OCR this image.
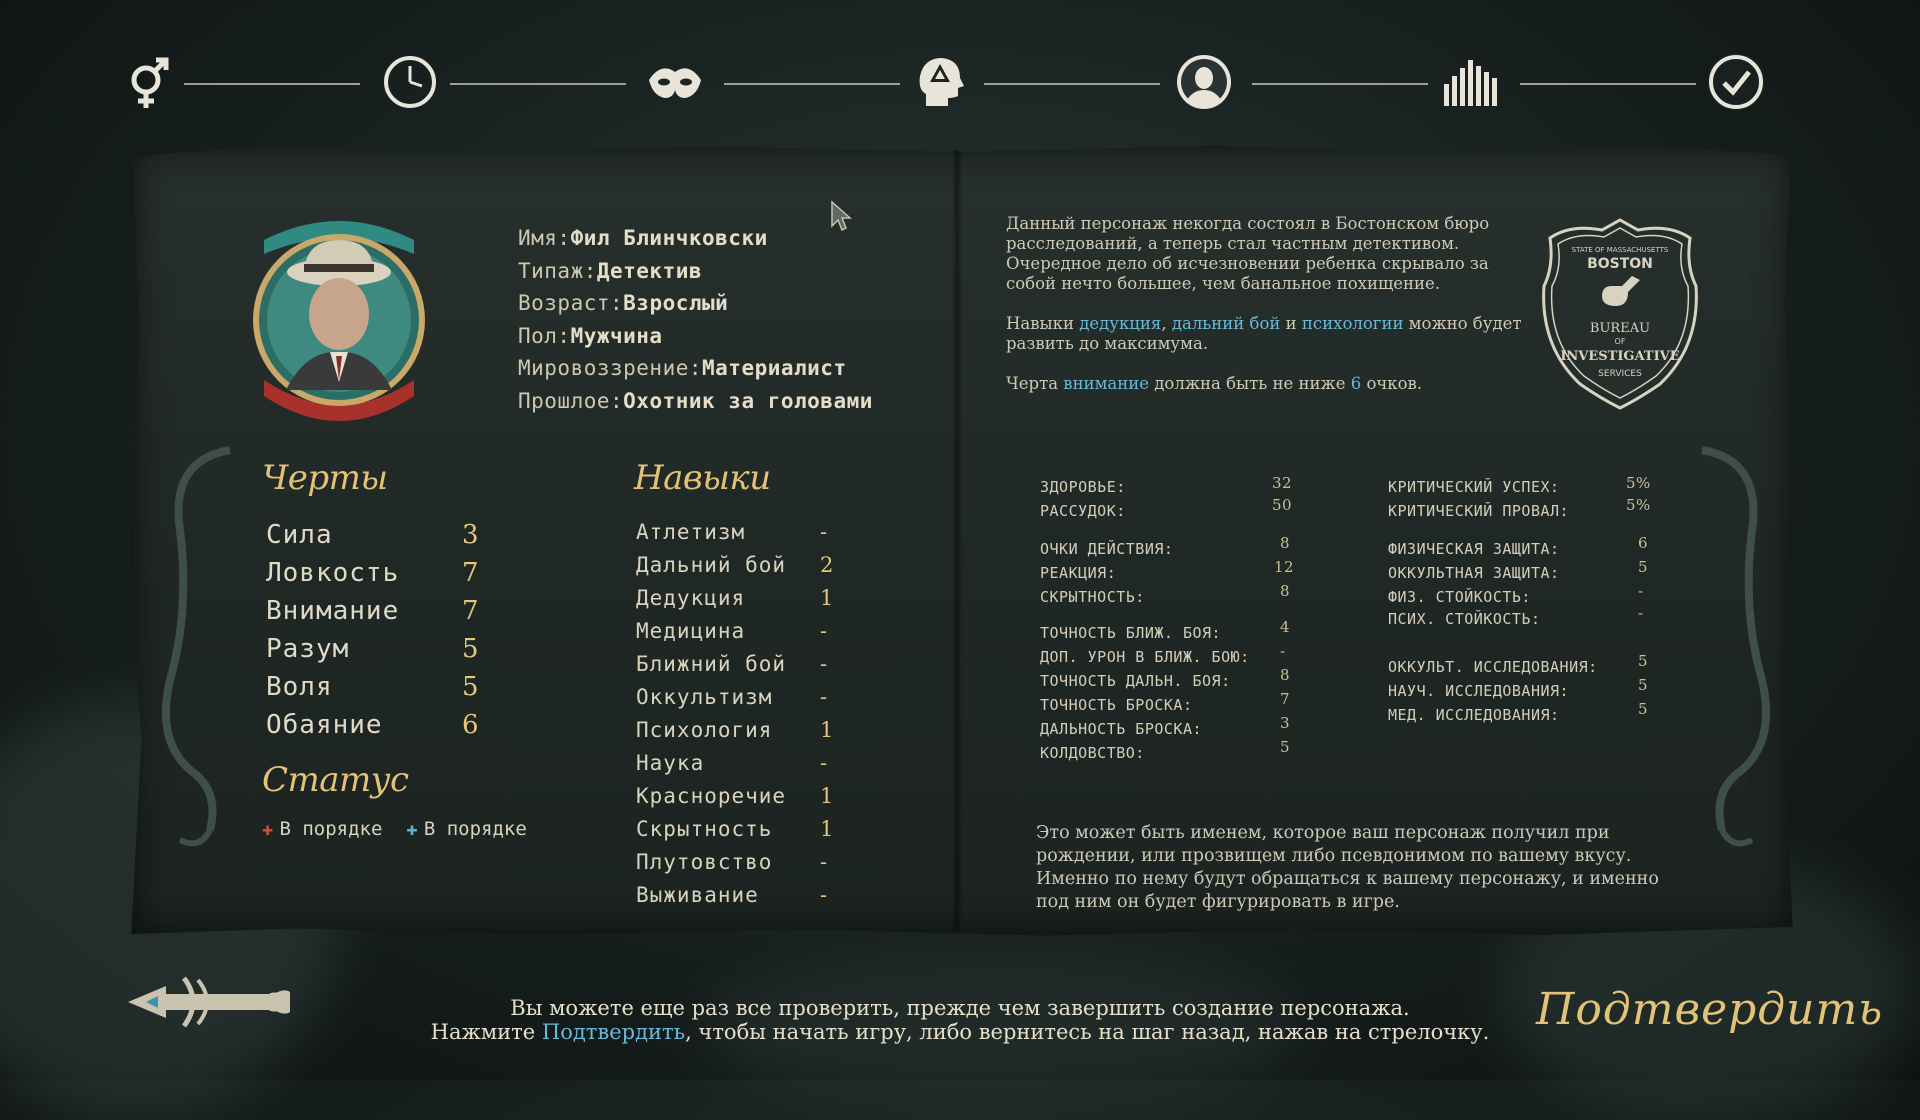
Имя:Фил Блинчковски
Типаж:Детектив
Возраст:Взрослый
Пол:Мужчина
Мировоззрение:Материалист
Прошлое:Охотник за головами
Черты
Сила	3
Ловкость	7
Внимание	7
Разум	5
Воля	5
Обаяние	6
Статус
✚ В порядке ✚ В порядке
Навыки
Атлетизм	-
Дальний бой	2
Дедукция	1
Медицина	-
Ближний бой	-
Оккультизм	-
Психология	1
Наука	-
Красноречие	1
Скрытность	1
Плутовство	-
Выживание	-

Данный персонаж некогда состоял в Бостонском бюро расследований, а теперь стал частным детективом. Очередное дело об исчезновении ребенка скрывало за собой нечто большее, чем банальное похищение.

Навыки дедукция, дальний бой и психологии можно будет развить до максимума.

Черта внимание должна быть не ниже 6 очков.

STATE OF MASSACHUSETTS
BOSTON
BUREAU
OF
INVESTIGATIVE
SERVICES
ЗДОРОВЬЕ:	32
РАССУДОК:	50
ОЧКИ ДЕЙСТВИЯ:	8
РЕАКЦИЯ:	12
СКРЫТНОСТЬ:	8
ТОЧНОСТЬ БЛИЖ. БОЯ:	4
ДОП. УРОН В БЛИЖ. БОЮ: -
ТОЧНОСТЬ ДАЛЬН. БОЯ:	8
ТОЧНОСТЬ БРОСКА:	7
ДАЛЬНОСТЬ БРОСКА:	3
КОЛДОВСТВО:	5
КРИТИЧЕСКИЙ УСПЕХ:	5%
КРИТИЧЕСКИЙ ПРОВАЛ:	5%
ФИЗИЧЕСКАЯ ЗАЩИТА:	6
ОККУЛЬТНАЯ ЗАЩИТА:	5
ФИЗ. СТОЙКОСТЬ:	-
ПСИХ. СТОЙКОСТЬ:	-
ОККУЛЬТ. ИССЛЕДОВАНИЯ:	5
НАУЧ. ИССЛЕДОВАНИЯ:	5
МЕД. ИССЛЕДОВАНИЯ:	5
Это может быть именем, которое ваш персонаж получил при рождении, или прозвищем либо псевдонимом по вашему вкусу. Именно по нему будут обращаться к вашему персонажу, и именно под ним он будет фигурировать в игре.
Вы можете еще раз все проверить, прежде чем завершить создание персонажа.
Нажмите Подтвердить, чтобы начать игру, либо вернитесь на шаг назад, нажав на стрелочку.	Подтвердить
